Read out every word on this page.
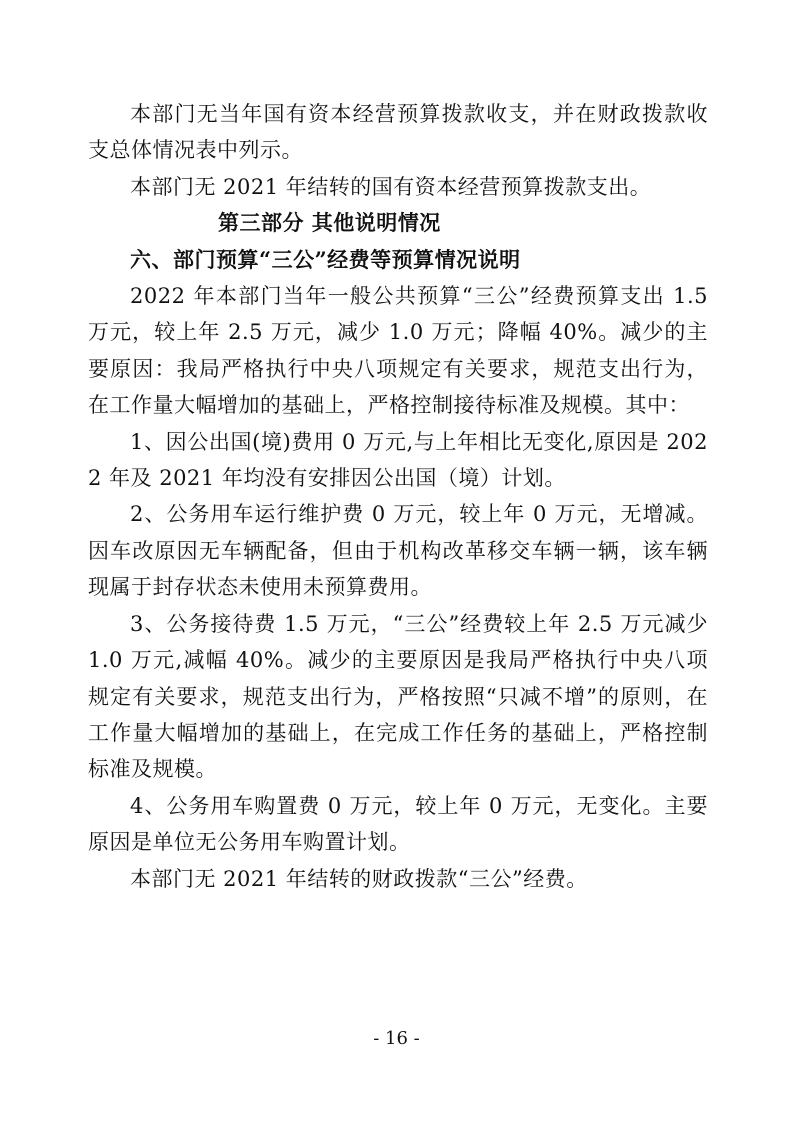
本部门无当年国有资本经营预算拨款收支，并在财政拨款收支总体情况表中列示。

本部门无 2021 年结转的国有资本经营预算拨款支出。

第三部分 其他说明情况

六、部门预算“三公”经费等预算情况说明

2022 年本部门当年一般公共预算“三公”经费预算支出 1.5 万元，较上年 2.5 万元，减少 1.0 万元；降幅 40%。减少的主要原因：我局严格执行中央八项规定有关要求，规范支出行为，在工作量大幅增加的基础上，严格控制接待标准及规模。其中：

1、因公出国(境)费用 0 万元,与上年相比无变化,原因是 2022 年及 2021 年均没有安排因公出国（境）计划。

2、公务用车运行维护费 0 万元，较上年 0 万元，无增减。因车改原因无车辆配备，但由于机构改革移交车辆一辆，该车辆现属于封存状态未使用未预算费用。

3、公务接待费 1.5 万元，“三公”经费较上年 2.5 万元减少 1.0 万元,减幅 40%。减少的主要原因是我局严格执行中央八项规定有关要求，规范支出行为，严格按照“只减不增”的原则，在工作量大幅增加的基础上，在完成工作任务的基础上，严格控制标准及规模。

4、公务用车购置费 0 万元，较上年 0 万元，无变化。主要原因是单位无公务用车购置计划。

本部门无 2021 年结转的财政拨款“三公”经费。

- 16 -
